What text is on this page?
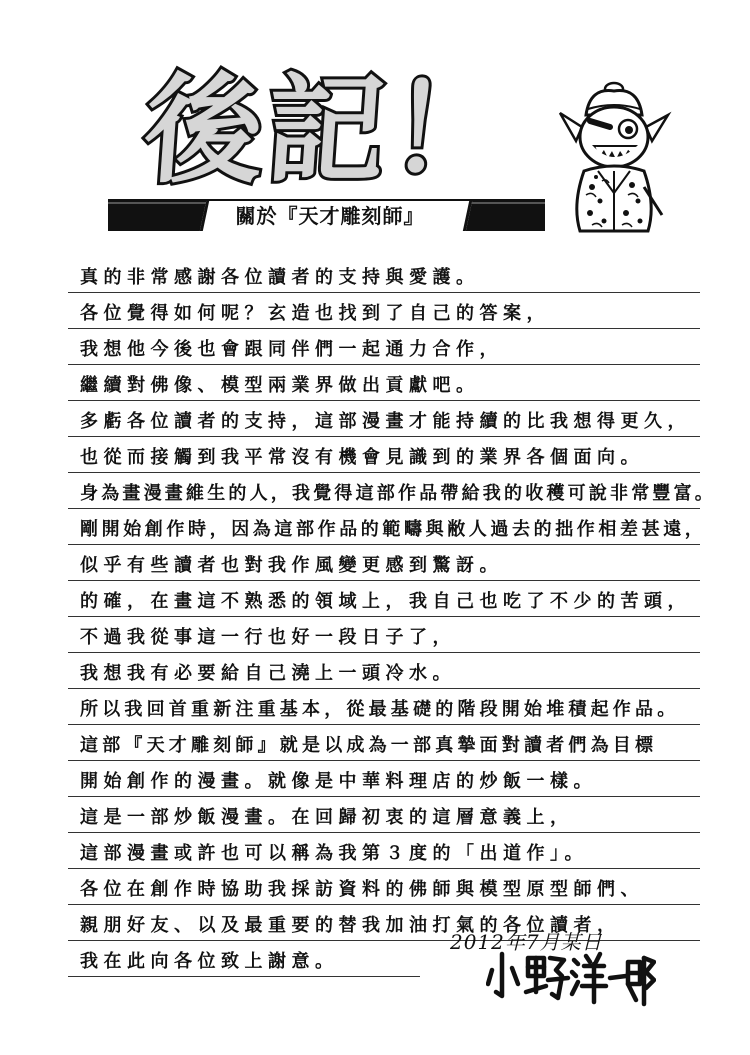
後記！
關於『天才雕刻師』
真的非常感謝各位讀者的支持與愛護。
各位覺得如何呢？玄造也找到了自己的答案，
我想他今後也會跟同伴們一起通力合作，
繼續對佛像、模型兩業界做出貢獻吧。
多虧各位讀者的支持，這部漫畫才能持續的比我想得更久，
也從而接觸到我平常沒有機會見識到的業界各個面向。
身為畫漫畫維生的人，我覺得這部作品帶給我的收穫可說非常豐富。
剛開始創作時，因為這部作品的範疇與敝人過去的拙作相差甚遠，
似乎有些讀者也對我作風變更感到驚訝。
的確，在畫這不熟悉的領域上，我自己也吃了不少的苦頭，
不過我從事這一行也好一段日子了，
我想我有必要給自己澆上一頭冷水。
所以我回首重新注重基本，從最基礎的階段開始堆積起作品。
這部『天才雕刻師』就是以成為一部真摯面對讀者們為目標
開始創作的漫畫。就像是中華料理店的炒飯一樣。
這是一部炒飯漫畫。在回歸初衷的這層意義上，
這部漫畫或許也可以稱為我第３度的「出道作」。
各位在創作時協助我採訪資料的佛師與模型原型師們、
親朋好友、以及最重要的替我加油打氣的各位讀者，
我在此向各位致上謝意。
2012年7月某日
